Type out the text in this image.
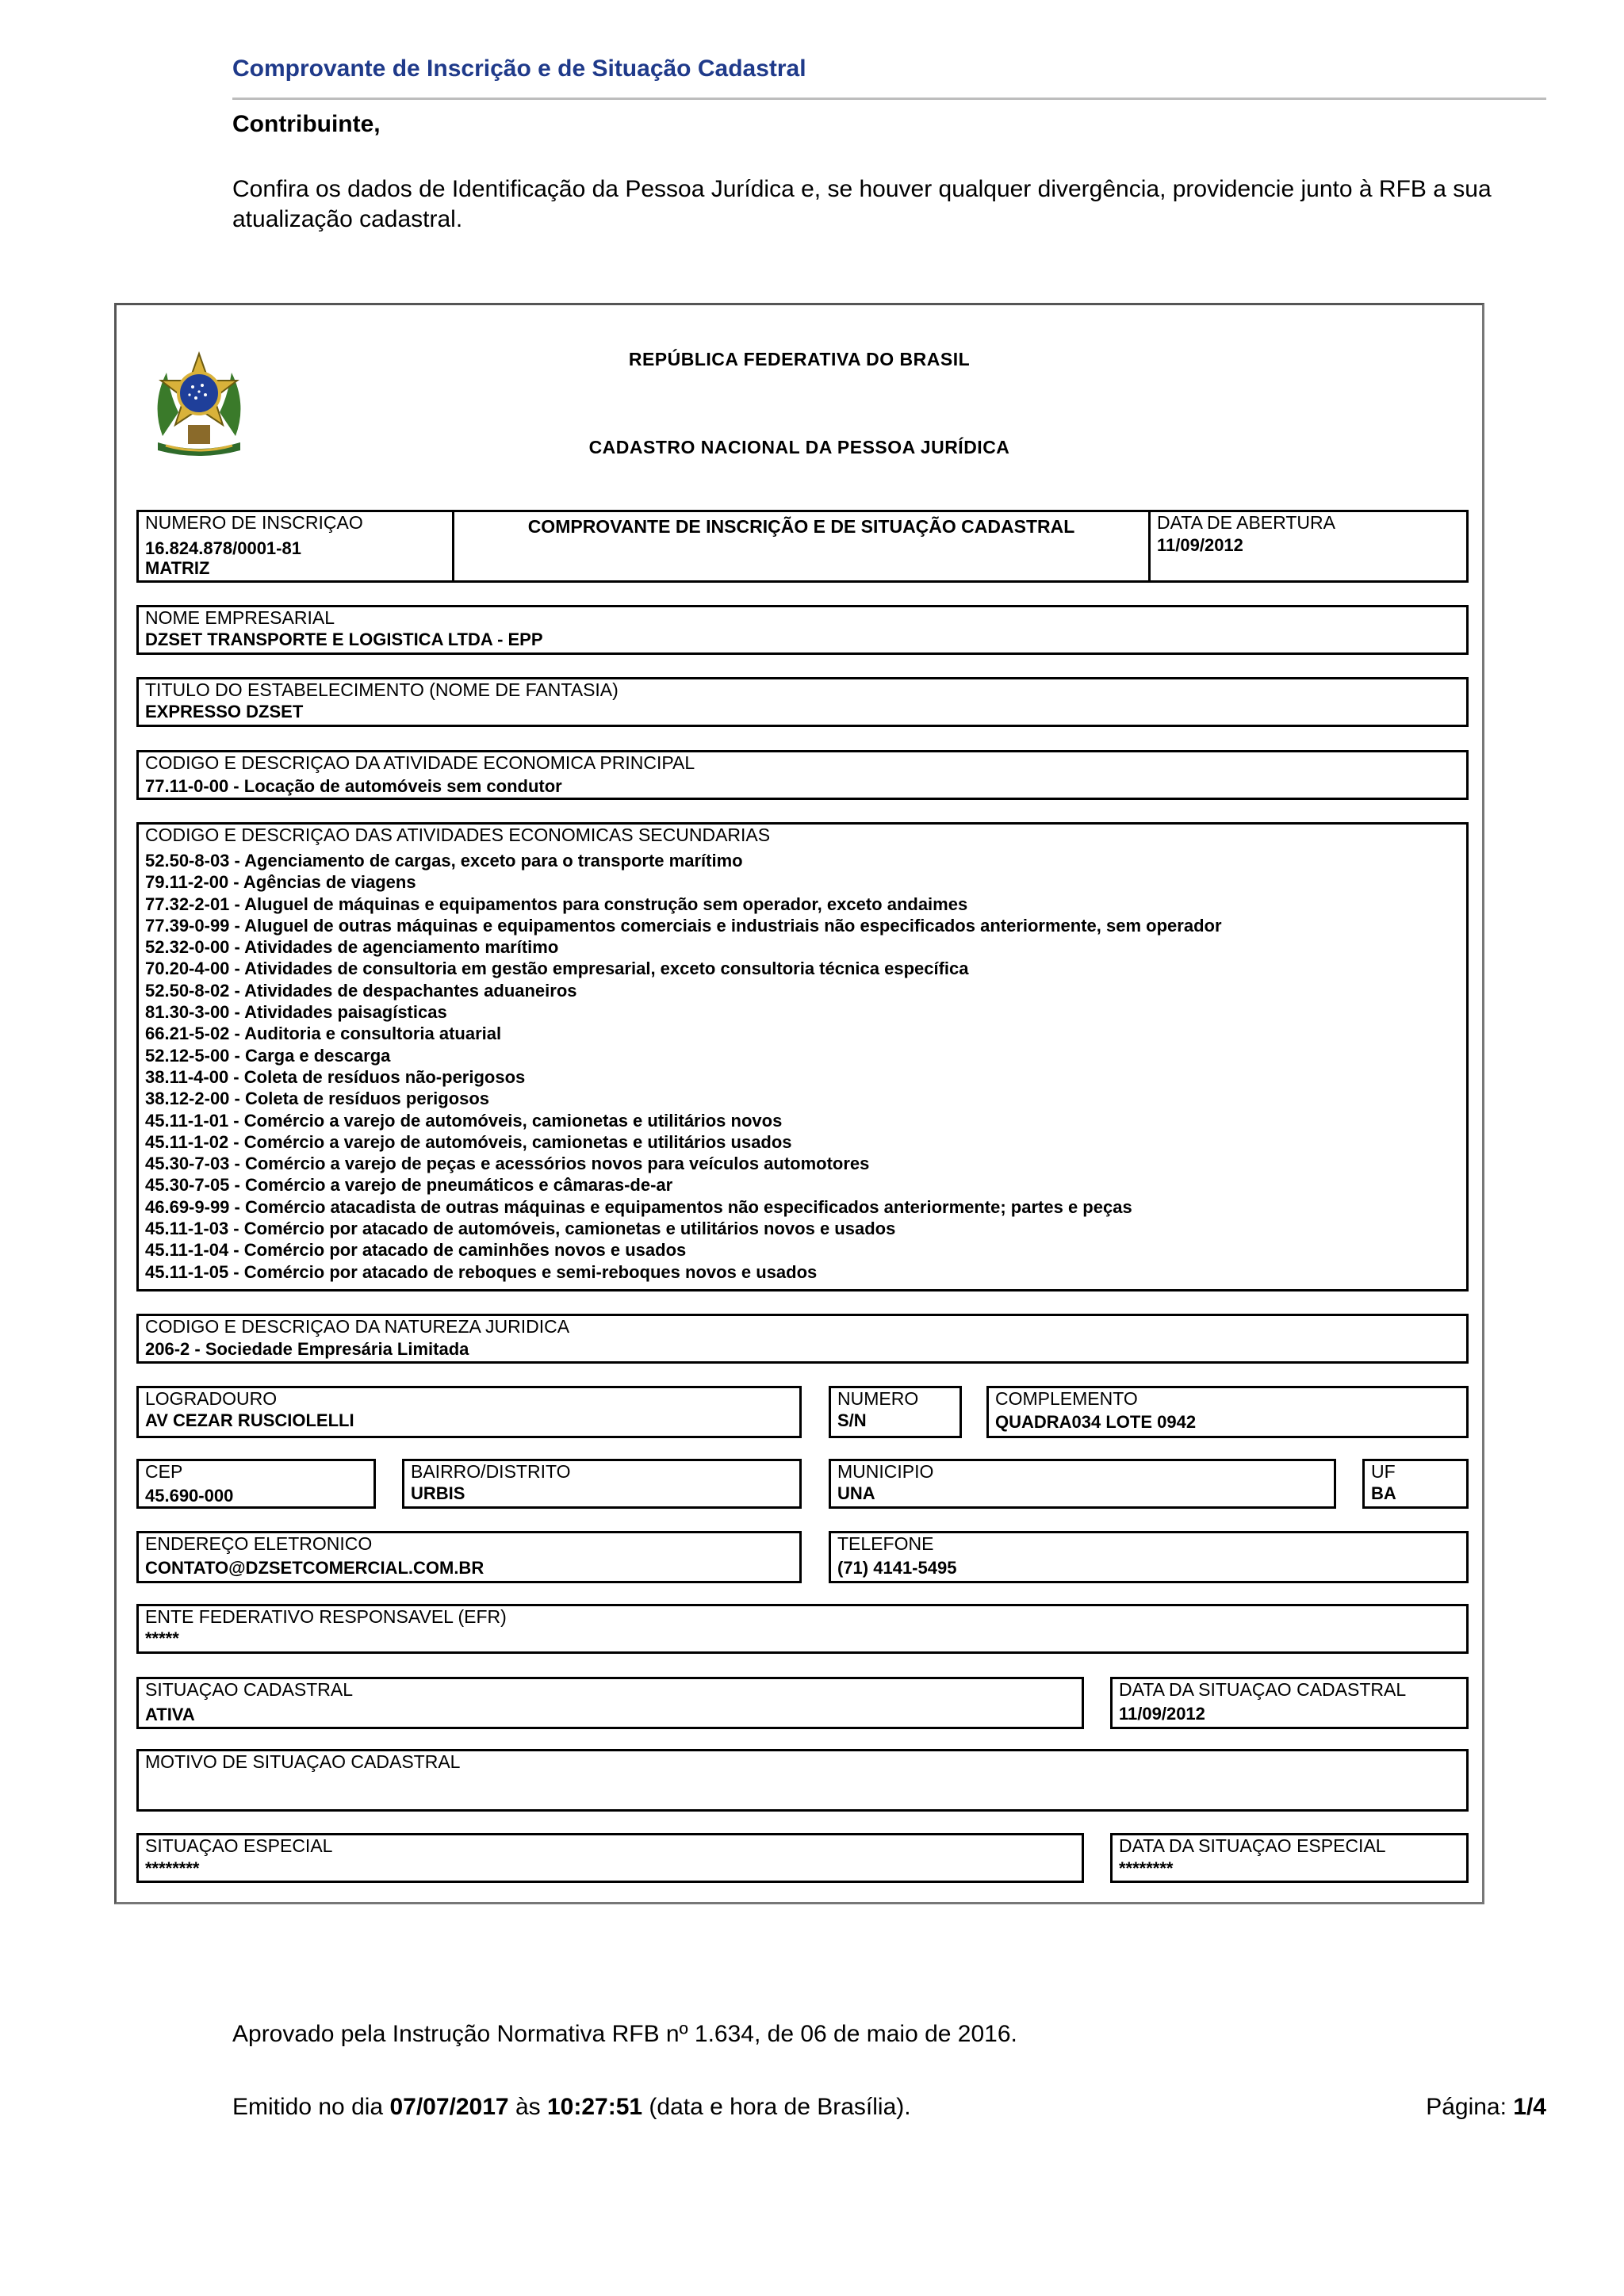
Comprovante de Inscrição e de Situação Cadastral
Contribuinte,
Confira os dados de Identificação da Pessoa Jurídica e, se houver qualquer divergência, providencie junto à RFB a sua atualização cadastral.
REPÚBLICA FEDERATIVA DO BRASIL
CADASTRO NACIONAL DA PESSOA JURÍDICA
NUMERO DE INSCRIÇAO
16.824.878/0001-81
MATRIZ
COMPROVANTE DE INSCRIÇÃO E DE SITUAÇÃO CADASTRAL	DATA DE ABERTURA
11/09/2012
NOME EMPRESARIAL
DZSET TRANSPORTE E LOGISTICA LTDA - EPP
TITULO DO ESTABELECIMENTO (NOME DE FANTASIA)
EXPRESSO DZSET
CODIGO E DESCRIÇAO DA ATIVIDADE ECONOMICA PRINCIPAL
77.11-0-00 - Locação de automóveis sem condutor
CODIGO E DESCRIÇAO DAS ATIVIDADES ECONOMICAS SECUNDARIAS
52.50-8-03 - Agenciamento de cargas, exceto para o transporte marítimo
79.11-2-00 - Agências de viagens
77.32-2-01 - Aluguel de máquinas e equipamentos para construção sem operador, exceto andaimes
77.39-0-99 - Aluguel de outras máquinas e equipamentos comerciais e industriais não especificados anteriormente, sem operador
52.32-0-00 - Atividades de agenciamento marítimo
70.20-4-00 - Atividades de consultoria em gestão empresarial, exceto consultoria técnica específica
52.50-8-02 - Atividades de despachantes aduaneiros
81.30-3-00 - Atividades paisagísticas
66.21-5-02 - Auditoria e consultoria atuarial
52.12-5-00 - Carga e descarga
38.11-4-00 - Coleta de resíduos não-perigosos
38.12-2-00 - Coleta de resíduos perigosos
45.11-1-01 - Comércio a varejo de automóveis, camionetas e utilitários novos
45.11-1-02 - Comércio a varejo de automóveis, camionetas e utilitários usados
45.30-7-03 - Comércio a varejo de peças e acessórios novos para veículos automotores
45.30-7-05 - Comércio a varejo de pneumáticos e câmaras-de-ar
46.69-9-99 - Comércio atacadista de outras máquinas e equipamentos não especificados anteriormente; partes e peças
45.11-1-03 - Comércio por atacado de automóveis, camionetas e utilitários novos e usados
45.11-1-04 - Comércio por atacado de caminhões novos e usados
45.11-1-05 - Comércio por atacado de reboques e semi-reboques novos e usados
CODIGO E DESCRIÇAO DA NATUREZA JURIDICA
206-2 - Sociedade Empresária Limitada
LOGRADOURO
AV CEZAR RUSCIOLELLI
NUMERO
S/N
COMPLEMENTO
QUADRA034 LOTE 0942
CEP
45.690-000
BAIRRO/DISTRITO
URBIS
MUNICIPIO
UNA
UF
BA
ENDEREÇO ELETRONICO
CONTATO@DZSETCOMERCIAL.COM.BR
TELEFONE
(71) 4141-5495
ENTE FEDERATIVO RESPONSAVEL (EFR)
*****
SITUAÇAO CADASTRAL
ATIVA
DATA DA SITUAÇAO CADASTRAL
11/09/2012
MOTIVO DE SITUAÇAO CADASTRAL
SITUAÇAO ESPECIAL
********
DATA DA SITUAÇAO ESPECIAL
********
Aprovado pela Instrução Normativa RFB nº 1.634, de 06 de maio de 2016.
Emitido no dia 07/07/2017 às 10:27:51 (data e hora de Brasília).	Página: 1/4
